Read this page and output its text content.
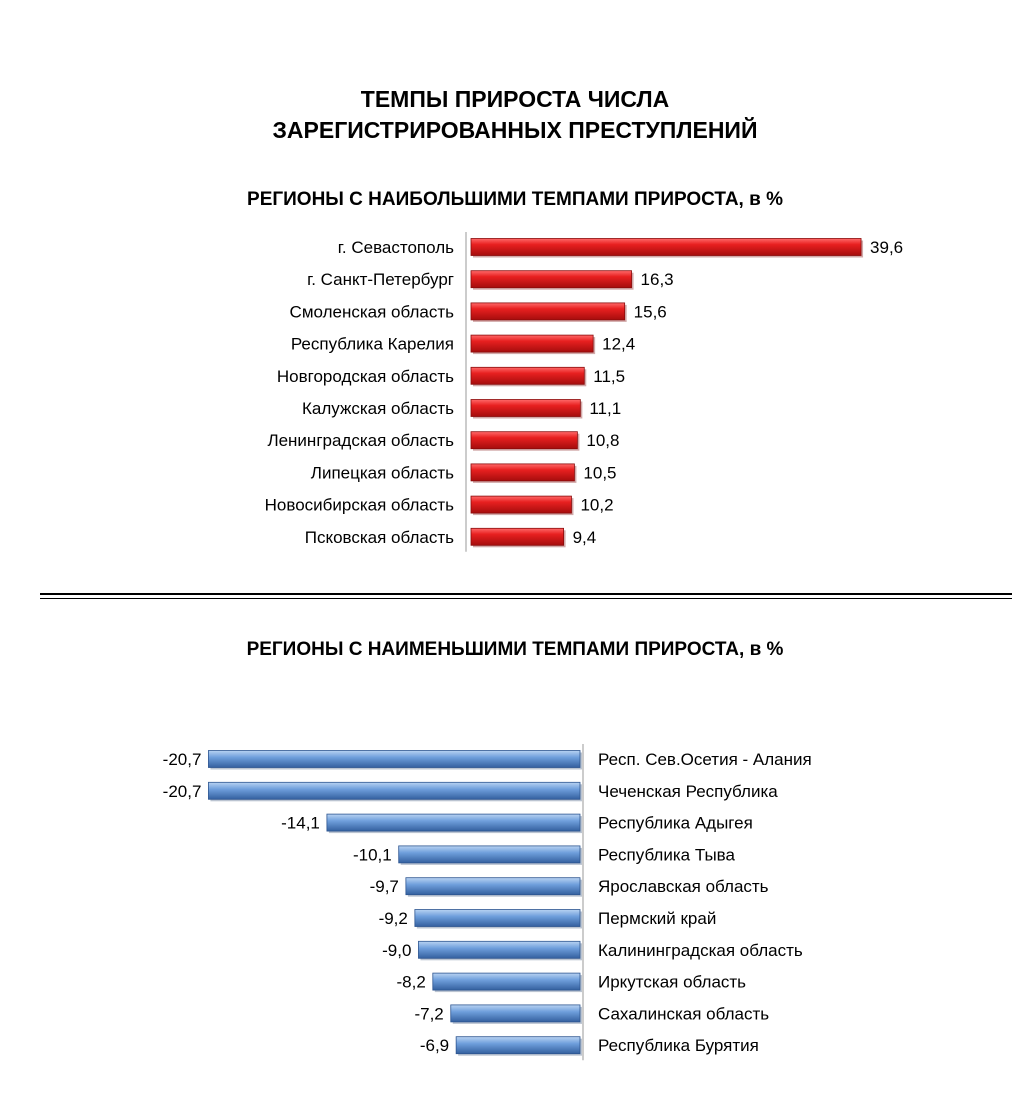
ТЕМПЫ ПРИРОСТА ЧИСЛА
ЗАРЕГИСТРИРОВАННЫХ ПРЕСТУПЛЕНИЙ
РЕГИОНЫ С НАИБОЛЬШИМИ ТЕМПАМИ ПРИРОСТА, в %
г. Севастополь	39,6
г. Санкт-Петербург	16,3
Смоленская область	15,6
Республика Карелия	12,4
Новгородская область	11,5
Калужская область	11,1
Ленинградская область	10,8
Липецкая область	10,5
Новосибирская область	10,2
Псковская область	9,4
РЕГИОНЫ С НАИМЕНЬШИМИ ТЕМПАМИ ПРИРОСТА, в %
-20,7	Респ. Сев.Осетия - Алания
-20,7	Чеченская Республика
-14,1	Республика Адыгея
-10,1	Республика Тыва
-9,7	Ярославская область
-9,2	Пермский край
-9,0	Калининградская область
-8,2	Иркутская область
-7,2	Сахалинская область
-6,9	Республика Бурятия
